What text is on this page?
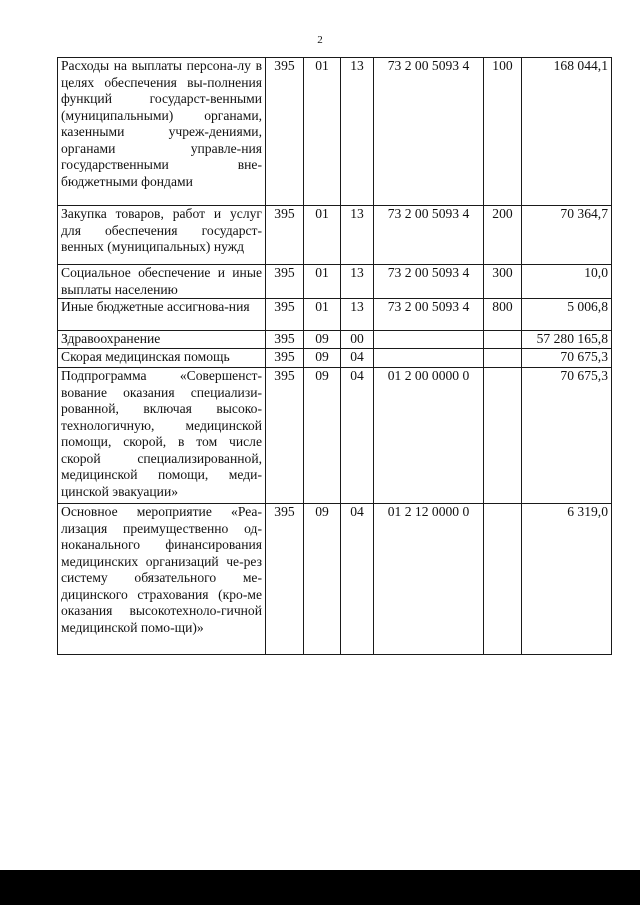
2
Расходы на выплаты персона-лу в целях обеспечения вы-полнения функций государст-венными (муниципальными) органами, казенными учреж-дениями, органами управле-ния государственными вне-бюджетными фондами	395	01	13	73 2 00 5093 4	100	168 044,1
Закупка товаров, работ и услуг для обеспечения государст-венных (муниципальных) нужд	395	01	13	73 2 00 5093 4	200	70 364,7
Социальное обеспечение и иные выплаты населению	395	01	13	73 2 00 5093 4	300	10,0
Иные бюджетные ассигнова-ния	395	01	13	73 2 00 5093 4	800	5 006,8
Здравоохранение	395	09	00			57 280 165,8
Скорая медицинская помощь	395	09	04			70 675,3
Подпрограмма «Совершенст-вование оказания специализи-рованной, включая высоко-технологичную, медицинской помощи, скорой, в том числе скорой специализированной, медицинской помощи, меди-цинской эвакуации»	395	09	04	01 2 00 0000 0		70 675,3
Основное мероприятие «Реа-лизация преимущественно од-ноканального финансирования медицинских организаций че-рез систему обязательного ме-дицинского страхования (кро-ме оказания высокотехноло-гичной медицинской помо-щи)»	395	09	04	01 2 12 0000 0		6 319,0
